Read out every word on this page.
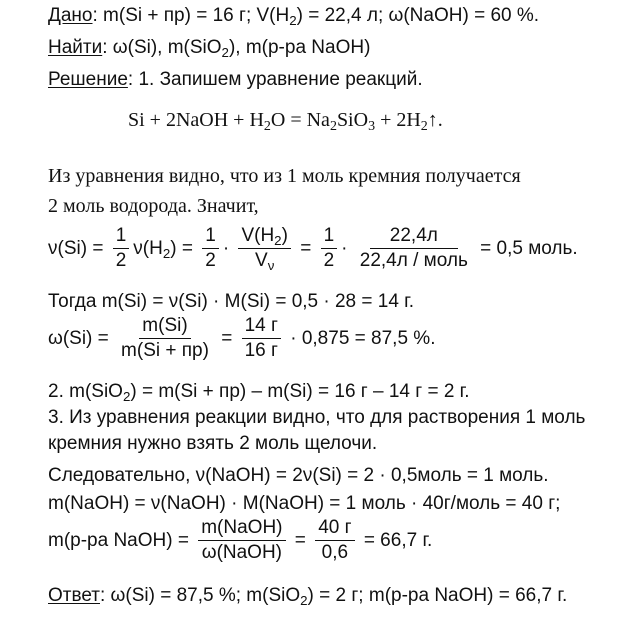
Дано: m(Si + пр) = 16 г; $V(H_2) = 22,4$ л; ω(NaOH) = 60 %.
Найти: ω(Si), m(SiO$_2$), m(р-ра NaOH)
Решение: 1. Запишем уравнение реакций.
Si + 2NaOH + $H_2O = Na_2SiO_3$ + $2H_2↑$.
Из уравнения видно, что из 1 моль кремния получается
2 моль водорода. Значит,
$\nu(Si) = \frac{1}{2} \nu(H_2) = \frac{1}{2} \cdot \frac{V(H_2)}{V_\nu} = \frac{1}{2} \cdot \frac{22,4л}{\text{22,4л / моль}} = 0,5$ моль.
Тогда m(Si) = ν(Si) · M(Si) = 0,5 · 28 = 14 г.
$\omega(Si) = \frac{m(Si)}{m(Si + пр)} = \frac{14 г}{16 г} \cdot 0,875 = 87,5$ %.
2. m(SiO$_2$) = m(Si + пр) – m(Si) = 16 г – 14 г = 2 г.
3. Из уравнения реакции видно, что для растворения 1 моль
кремния нужно взять 2 моль щелочи.
Следовательно, ν(NaOH) = 2ν(Si) = 2 · 0,5моль = 1 моль.
m(NaOH) = ν(NaOH) · M(NaOH) = 1 моль · 40г/моль = 40 г;
m(р-ра NaOH) = $\frac{\text{m(NaOH)}}{\text{ω(NaOH)}} = \frac{40 г}{0,6} = 66,7$ г.
Ответ: ω(Si) = 87,5 %; m(SiO$_2$) = 2 г; m(р-ра NaOH) = 66,7 г.
